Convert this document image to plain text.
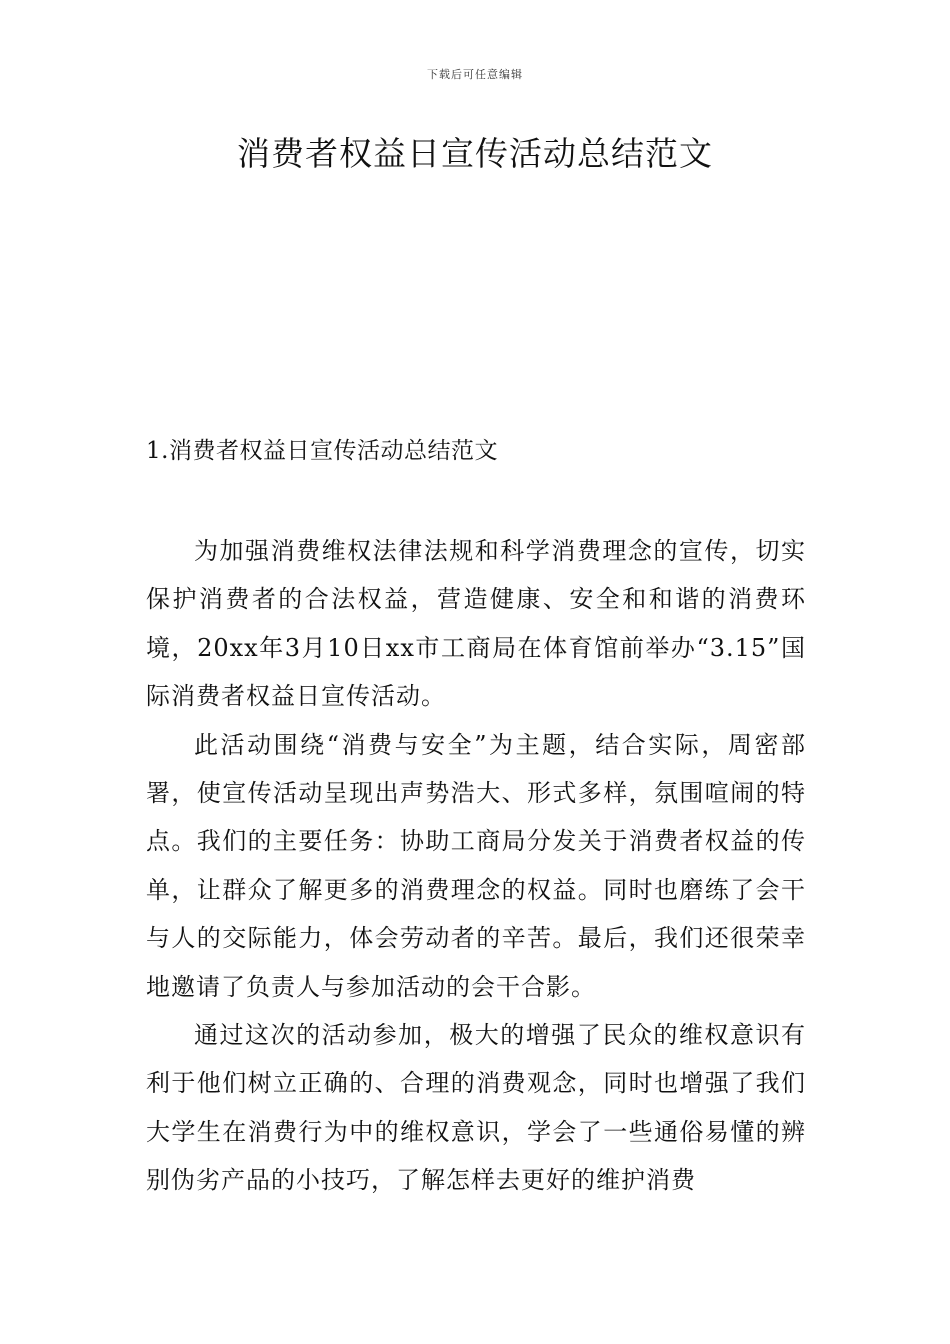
下载后可任意编辑
消费者权益日宣传活动总结范文
1.消费者权益日宣传活动总结范文

为加强消费维权法律法规和科学消费理念的宣传，切实保护消费者的合法权益，营造健康、安全和和谐的消费环境，20xx年3月10日xx市工商局在体育馆前举办“3.15”国际消费者权益日宣传活动。

此活动围绕“消费与安全”为主题，结合实际，周密部署，使宣传活动呈现出声势浩大、形式多样，氛围喧闹的特点。我们的主要任务：协助工商局分发关于消费者权益的传单，让群众了解更多的消费理念的权益。同时也磨练了会干与人的交际能力，体会劳动者的辛苦。最后，我们还很荣幸地邀请了负责人与参加活动的会干合影。

通过这次的活动参加，极大的增强了民众的维权意识有利于他们树立正确的、合理的消费观念，同时也增强了我们大学生在消费行为中的维权意识，学会了一些通俗易懂的辨别伪劣产品的小技巧，了解怎样去更好的维护消费
